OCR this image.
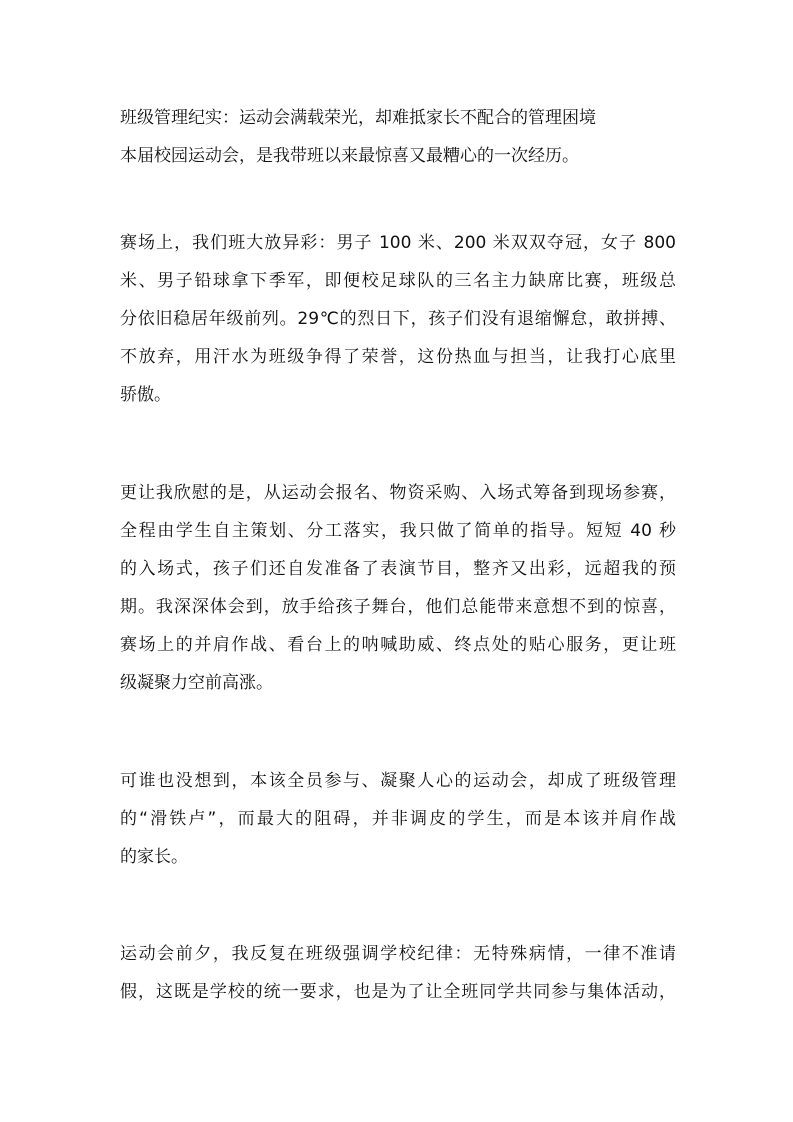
班级管理纪实：运动会满载荣光，却难抵家长不配合的管理困境
本届校园运动会，是我带班以来最惊喜又最糟心的一次经历。
赛场上，我们班大放异彩：男子 100 米、200 米双双夺冠，女子 800
米、男子铅球拿下季军，即便校足球队的三名主力缺席比赛，班级总
分依旧稳居年级前列。29℃的烈日下，孩子们没有退缩懈怠，敢拼搏、
不放弃，用汗水为班级争得了荣誉，这份热血与担当，让我打心底里
骄傲。
更让我欣慰的是，从运动会报名、物资采购、入场式筹备到现场参赛，
全程由学生自主策划、分工落实，我只做了简单的指导。短短 40 秒
的入场式，孩子们还自发准备了表演节目，整齐又出彩，远超我的预
期。我深深体会到，放手给孩子舞台，他们总能带来意想不到的惊喜，
赛场上的并肩作战、看台上的呐喊助威、终点处的贴心服务，更让班
级凝聚力空前高涨。
可谁也没想到，本该全员参与、凝聚人心的运动会，却成了班级管理
的“滑铁卢”，而最大的阻碍，并非调皮的学生，而是本该并肩作战
的家长。
运动会前夕，我反复在班级强调学校纪律：无特殊病情，一律不准请
假，这既是学校的统一要求，也是为了让全班同学共同参与集体活动，
